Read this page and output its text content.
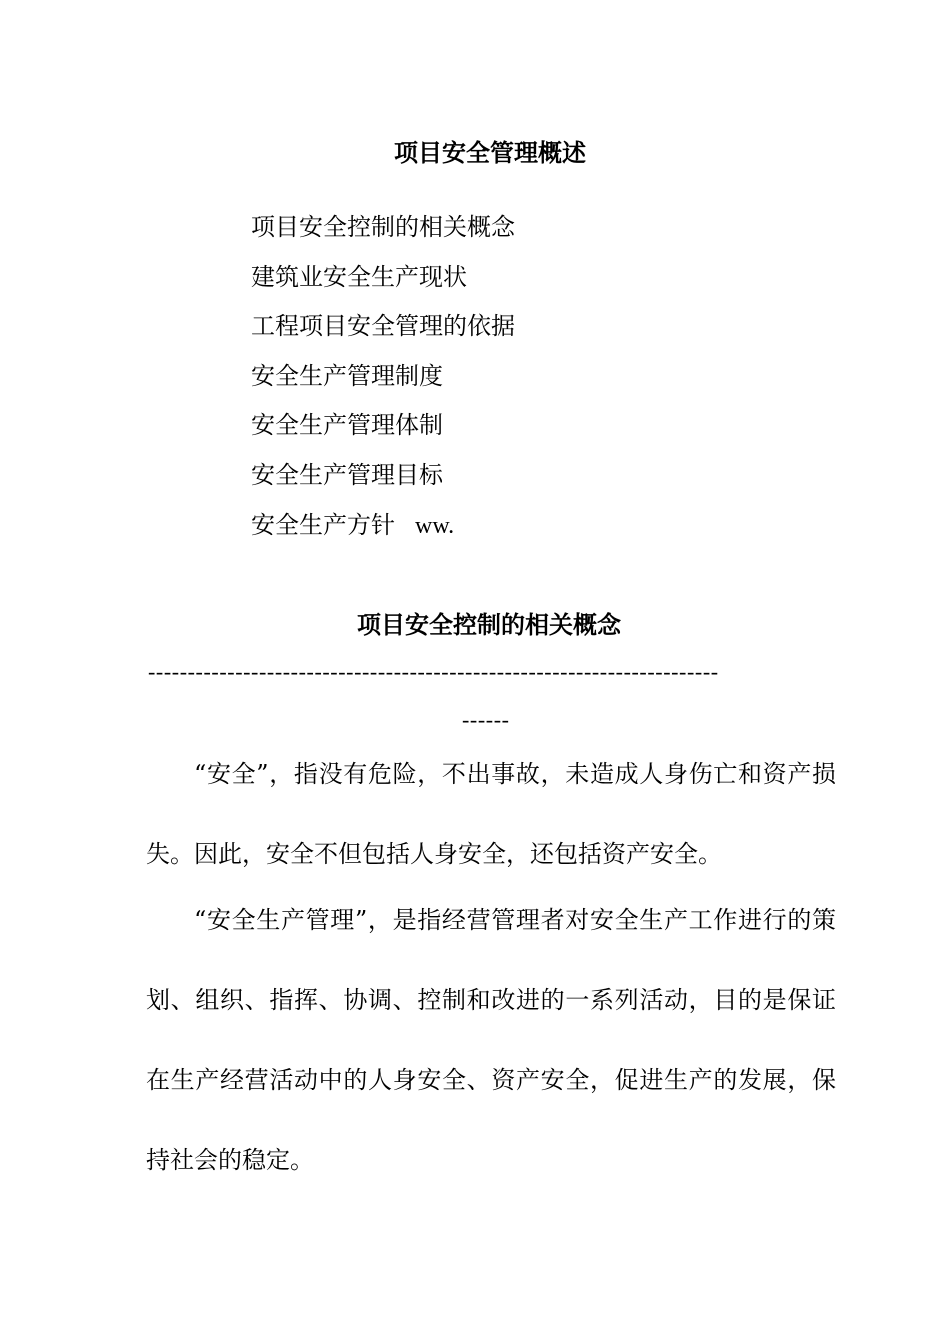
项目安全管理概述
项目安全控制的相关概念
建筑业安全生产现状
工程项目安全管理的依据
安全生产管理制度
安全生产管理体制
安全生产管理目标
安全生产方针 ww.
项目安全控制的相关概念
------------------------------------------------------------------------
------

“安全”，指没有危险，不出事故，未造成人身伤亡和资产损失。因此，安全不但包括人身安全，还包括资产安全。

“安全生产管理”，是指经营管理者对安全生产工作进行的策划、组织、指挥、协调、控制和改进的一系列活动，目的是保证在生产经营活动中的人身安全、资产安全，促进生产的发展，保持社会的稳定。
